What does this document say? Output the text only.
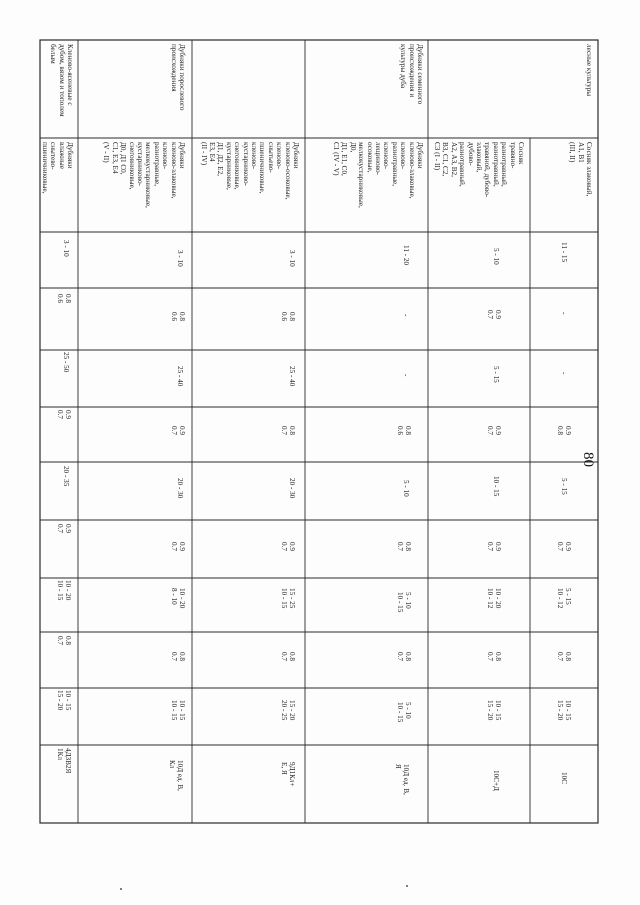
80
лесные культуры
Сосняк злаковый,
А1, В1
(III, II)
11 - 15
-
-
0.9
0.8
5 - 15
0.9
0.7
5 - 15
10 - 12
0.8
0.7
10 - 15
15 - 20
10С
Сосняк
травяно-
разнотравный,
разнотравный,
травяной, дубово-
злаковый,
дубово-
разнотравный,
А2, А3, В2,
В3, С1, С2,
С3 (I - II)
5 - 10
0.9
0.7
5 - 15
0.9
0.7
10 - 15
0.9
0.7
10 - 20
10 - 12
0.8
0.7
10 - 15
15 - 20
10С+Д
Дубняки семенного
происхождения и
культуры дуба
Дубняки
кленово-злаковые,
кленово-
разнотравные,
кленово-
лещиново-
осоковые,
мелкокустарниковые,
Д0,
Д1, Е1, С0,
С1 (IV - V)
11 - 20
-
-
0.8
0.6
5 - 10
0.8
0.7
5 - 10
10 - 15
0.8
0.7
5 - 10
10 - 15
10Д ед. В,
Я
Дубняки
кленово-осоковые,
кленово-
снытьево-
пшеничниковые,
кленово-
кустарниково-
снеговниковые,
кустарниковые,
Д1, Д2, Е2,
Е3, Е4
(II - IV)
3 - 10
0.8
0.6
25 - 40
0.8
0.7
20 - 30
0.9
0.7
15 - 25
10 - 15
0.8
0.7
15 - 20
20 - 25
9Д1Кл+
Е, Я
Дубняки порослевого
происхождения
Дубняки
кленово-злаковые,
кленово-
разнотравные,
мелкокустарниковые,
кустарниково-
снеговниковые,
Д0, Д1 С0,
С1, Е3, Е4
(V - II)
3 - 10
0.8
0.6
25 - 40
0.9
0.7
20 - 30
0.9
0.7
10 - 20
8 - 10
0.8
0.7
10 - 15
10 - 15
10Д ед. В,
Кл
Кленово-ясеневые с
дубом, вязом и тополем
белым
Дубняки
влажные
снытево-
пшеничниковые,
3 - 10
0.8
0.6
25 - 50
0.9
0.7
20 - 35
0.9
0.7
10 - 20
10 - 15
0.8
0.7
10 - 15
15 - 20
4Д3В2Я
1Кл
